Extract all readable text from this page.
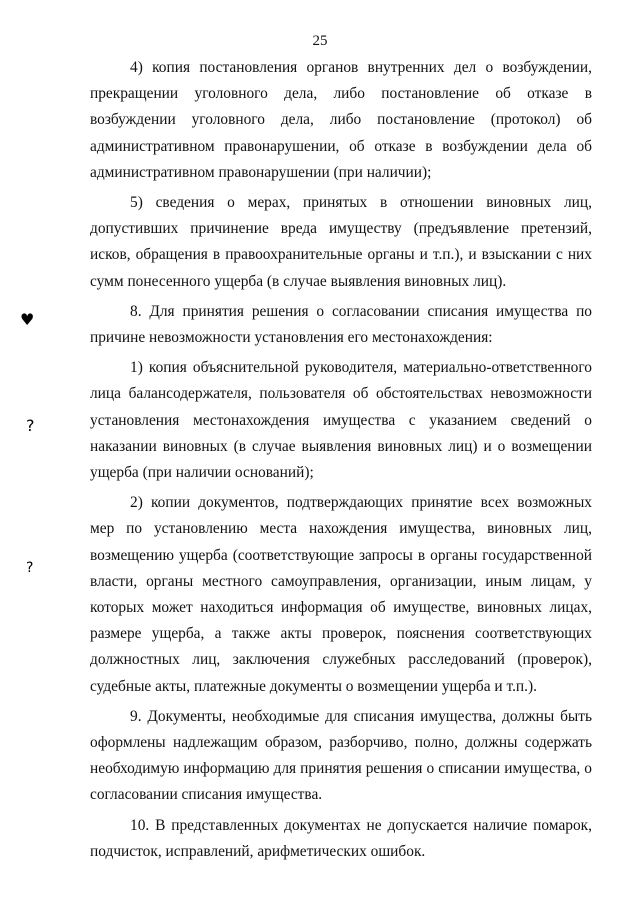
25
♥
?
?

4) копия постановления органов внутренних дел о возбуждении, прекращении уголовного дела, либо постановление об отказе в возбуждении уголовного дела, либо постановление (протокол) об административном правонарушении, об отказе в возбуждении дела об административном правонарушении (при наличии);

5) сведения о мерах, принятых в отношении виновных лиц, допустивших причинение вреда имуществу (предъявление претензий, исков, обращения в правоохранительные органы и т.п.), и взыскании с них сумм понесенного ущерба (в случае выявления виновных лиц).

8. Для принятия решения о согласовании списания имущества по причине невозможности установления его местонахождения:

1) копия объяснительной руководителя, материально-ответственного лица балансодержателя, пользователя об обстоятельствах невозможности установления местонахождения имущества с указанием сведений о наказании виновных (в случае выявления виновных лиц) и о возмещении ущерба (при наличии оснований);

2) копии документов, подтверждающих принятие всех возможных мер по установлению места нахождения имущества, виновных лиц, возмещению ущерба (соответствующие запросы в органы государственной власти, органы местного самоуправления, организации, иным лицам, у которых может находиться информация об имуществе, виновных лицах, размере ущерба, а также акты проверок, пояснения соответствующих должностных лиц, заключения служебных расследований (проверок), судебные акты, платежные документы о возмещении ущерба и т.п.).

9. Документы, необходимые для списания имущества, должны быть оформлены надлежащим образом, разборчиво, полно, должны содержать необходимую информацию для принятия решения о списании имущества, о согласовании списания имущества.

10. В представленных документах не допускается наличие помарок, подчисток, исправлений, арифметических ошибок.
